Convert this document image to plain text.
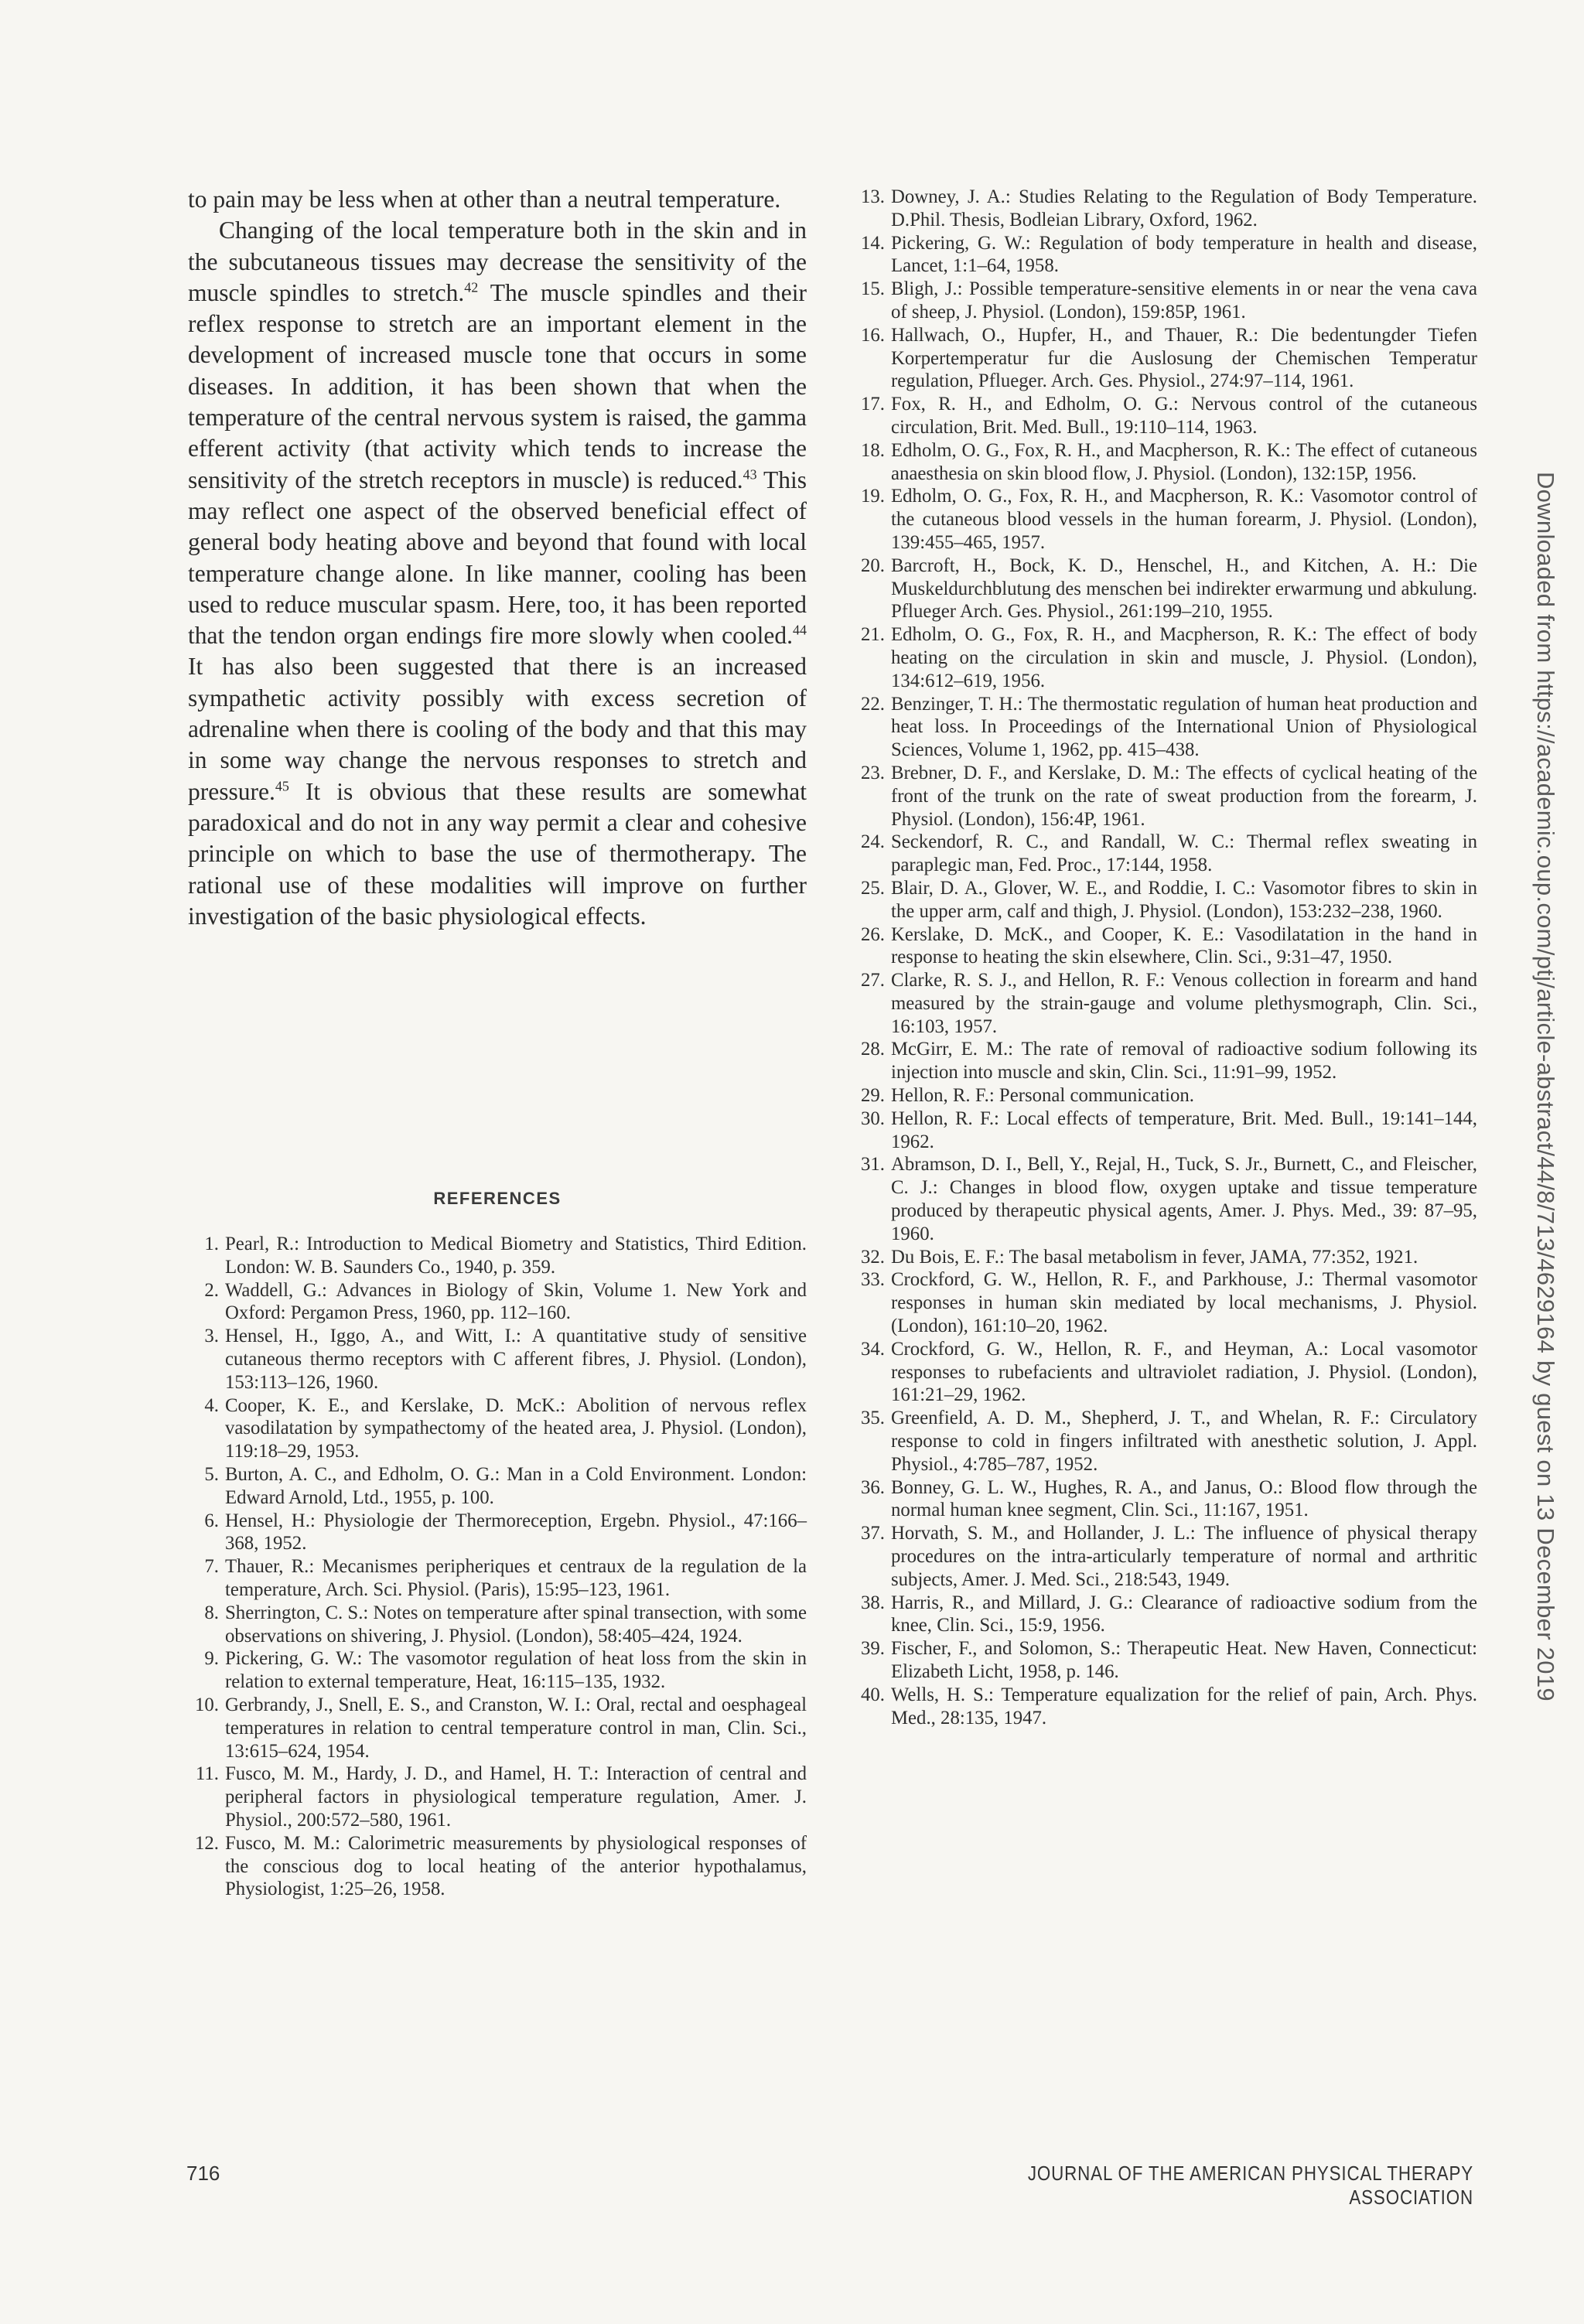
to pain may be less when at other than a neutral temperature.

Changing of the local temperature both in the skin and in the subcutaneous tissues may decrease the sensitivity of the muscle spindles to stretch.$^{42}$ The muscle spindles and their reflex response to stretch are an important element in the development of increased muscle tone that occurs in some diseases. In addition, it has been shown that when the temperature of the central nervous system is raised, the gamma efferent activity (that activity which tends to increase the sensitivity of the stretch receptors in muscle) is reduced.$^{43}$ This may reflect one aspect of the observed beneficial effect of general body heating above and beyond that found with local temperature change alone. In like manner, cooling has been used to reduce muscular spasm. Here, too, it has been reported that the tendon organ endings fire more slowly when cooled.$^{44}$ It has also been suggested that there is an increased sympathetic activity possibly with excess secretion of adrenaline when there is cooling of the body and that this may in some way change the nervous responses to stretch and pressure.$^{45}$ It is obvious that these results are somewhat paradoxical and do not in any way permit a clear and cohesive principle on which to base the use of thermotherapy. The rational use of these modalities will improve on further investigation of the basic physiological effects.

REFERENCES
1. Pearl, R.: Introduction to Medical Biometry and Statistics, Third Edition. London: W. B. Saunders Co., 1940, p. 359.
2. Waddell, G.: Advances in Biology of Skin, Volume 1. New York and Oxford: Pergamon Press, 1960, pp. 112–160.
3. Hensel, H., Iggo, A., and Witt, I.: A quantitative study of sensitive cutaneous thermo receptors with C afferent fibres, J. Physiol. (London), 153:113–126, 1960.
4. Cooper, K. E., and Kerslake, D. McK.: Abolition of nervous reflex vasodilatation by sympathectomy of the heated area, J. Physiol. (London), 119:18–29, 1953.
5. Burton, A. C., and Edholm, O. G.: Man in a Cold Environment. London: Edward Arnold, Ltd., 1955, p. 100.
6. Hensel, H.: Physiologie der Thermoreception, Ergebn. Physiol., 47:166–368, 1952.
7. Thauer, R.: Mecanismes peripheriques et centraux de la regulation de la temperature, Arch. Sci. Physiol. (Paris), 15:95–123, 1961.
8. Sherrington, C. S.: Notes on temperature after spinal transection, with some observations on shivering, J. Physiol. (London), 58:405–424, 1924.
9. Pickering, G. W.: The vasomotor regulation of heat loss from the skin in relation to external temperature, Heat, 16:115–135, 1932.
10. Gerbrandy, J., Snell, E. S., and Cranston, W. I.: Oral, rectal and oesphageal temperatures in relation to central temperature control in man, Clin. Sci., 13:615–624, 1954.
11. Fusco, M. M., Hardy, J. D., and Hamel, H. T.: Interaction of central and peripheral factors in physiological temperature regulation, Amer. J. Physiol., 200:572–580, 1961.
12. Fusco, M. M.: Calorimetric measurements by physiological responses of the conscious dog to local heating of the anterior hypothalamus, Physiologist, 1:25–26, 1958.
13. Downey, J. A.: Studies Relating to the Regulation of Body Temperature. D.Phil. Thesis, Bodleian Library, Oxford, 1962.
14. Pickering, G. W.: Regulation of body temperature in health and disease, Lancet, 1:1–64, 1958.
15. Bligh, J.: Possible temperature-sensitive elements in or near the vena cava of sheep, J. Physiol. (London), 159:85P, 1961.
16. Hallwach, O., Hupfer, H., and Thauer, R.: Die bedentungder Tiefen Korpertemperatur fur die Auslosung der Chemischen Temperatur regulation, Pflueger. Arch. Ges. Physiol., 274:97–114, 1961.
17. Fox, R. H., and Edholm, O. G.: Nervous control of the cutaneous circulation, Brit. Med. Bull., 19:110–114, 1963.
18. Edholm, O. G., Fox, R. H., and Macpherson, R. K.: The effect of cutaneous anaesthesia on skin blood flow, J. Physiol. (London), 132:15P, 1956.
19. Edholm, O. G., Fox, R. H., and Macpherson, R. K.: Vasomotor control of the cutaneous blood vessels in the human forearm, J. Physiol. (London), 139:455–465, 1957.
20. Barcroft, H., Bock, K. D., Henschel, H., and Kitchen, A. H.: Die Muskeldurchblutung des menschen bei indirekter erwarmung und abkulung. Pflueger Arch. Ges. Physiol., 261:199–210, 1955.
21. Edholm, O. G., Fox, R. H., and Macpherson, R. K.: The effect of body heating on the circulation in skin and muscle, J. Physiol. (London), 134:612–619, 1956.
22. Benzinger, T. H.: The thermostatic regulation of human heat production and heat loss. In Proceedings of the International Union of Physiological Sciences, Volume 1, 1962, pp. 415–438.
23. Brebner, D. F., and Kerslake, D. M.: The effects of cyclical heating of the front of the trunk on the rate of sweat production from the forearm, J. Physiol. (London), 156:4P, 1961.
24. Seckendorf, R. C., and Randall, W. C.: Thermal reflex sweating in paraplegic man, Fed. Proc., 17:144, 1958.
25. Blair, D. A., Glover, W. E., and Roddie, I. C.: Vasomotor fibres to skin in the upper arm, calf and thigh, J. Physiol. (London), 153:232–238, 1960.
26. Kerslake, D. McK., and Cooper, K. E.: Vasodilatation in the hand in response to heating the skin elsewhere, Clin. Sci., 9:31–47, 1950.
27. Clarke, R. S. J., and Hellon, R. F.: Venous collection in forearm and hand measured by the strain-gauge and volume plethysmograph, Clin. Sci., 16:103, 1957.
28. McGirr, E. M.: The rate of removal of radioactive sodium following its injection into muscle and skin, Clin. Sci., 11:91–99, 1952.
29. Hellon, R. F.: Personal communication.
30. Hellon, R. F.: Local effects of temperature, Brit. Med. Bull., 19:141–144, 1962.
31. Abramson, D. I., Bell, Y., Rejal, H., Tuck, S. Jr., Burnett, C., and Fleischer, C. J.: Changes in blood flow, oxygen uptake and tissue temperature produced by therapeutic physical agents, Amer. J. Phys. Med., 39: 87–95, 1960.
32. Du Bois, E. F.: The basal metabolism in fever, JAMA, 77:352, 1921.
33. Crockford, G. W., Hellon, R. F., and Parkhouse, J.: Thermal vasomotor responses in human skin mediated by local mechanisms, J. Physiol. (London), 161:10–20, 1962.
34. Crockford, G. W., Hellon, R. F., and Heyman, A.: Local vasomotor responses to rubefacients and ultraviolet radiation, J. Physiol. (London), 161:21–29, 1962.
35. Greenfield, A. D. M., Shepherd, J. T., and Whelan, R. F.: Circulatory response to cold in fingers infiltrated with anesthetic solution, J. Appl. Physiol., 4:785–787, 1952.
36. Bonney, G. L. W., Hughes, R. A., and Janus, O.: Blood flow through the normal human knee segment, Clin. Sci., 11:167, 1951.
37. Horvath, S. M., and Hollander, J. L.: The influence of physical therapy procedures on the intra-articularly temperature of normal and arthritic subjects, Amer. J. Med. Sci., 218:543, 1949.
38. Harris, R., and Millard, J. G.: Clearance of radioactive sodium from the knee, Clin. Sci., 15:9, 1956.
39. Fischer, F., and Solomon, S.: Therapeutic Heat. New Haven, Connecticut: Elizabeth Licht, 1958, p. 146.
40. Wells, H. S.: Temperature equalization for the relief of pain, Arch. Phys. Med., 28:135, 1947.
Downloaded from https://academic.oup.com/ptj/article-abstract/44/8/713/4629164 by guest on 13 December 2019
716	JOURNAL OF THE AMERICAN PHYSICAL THERAPY ASSOCIATION
